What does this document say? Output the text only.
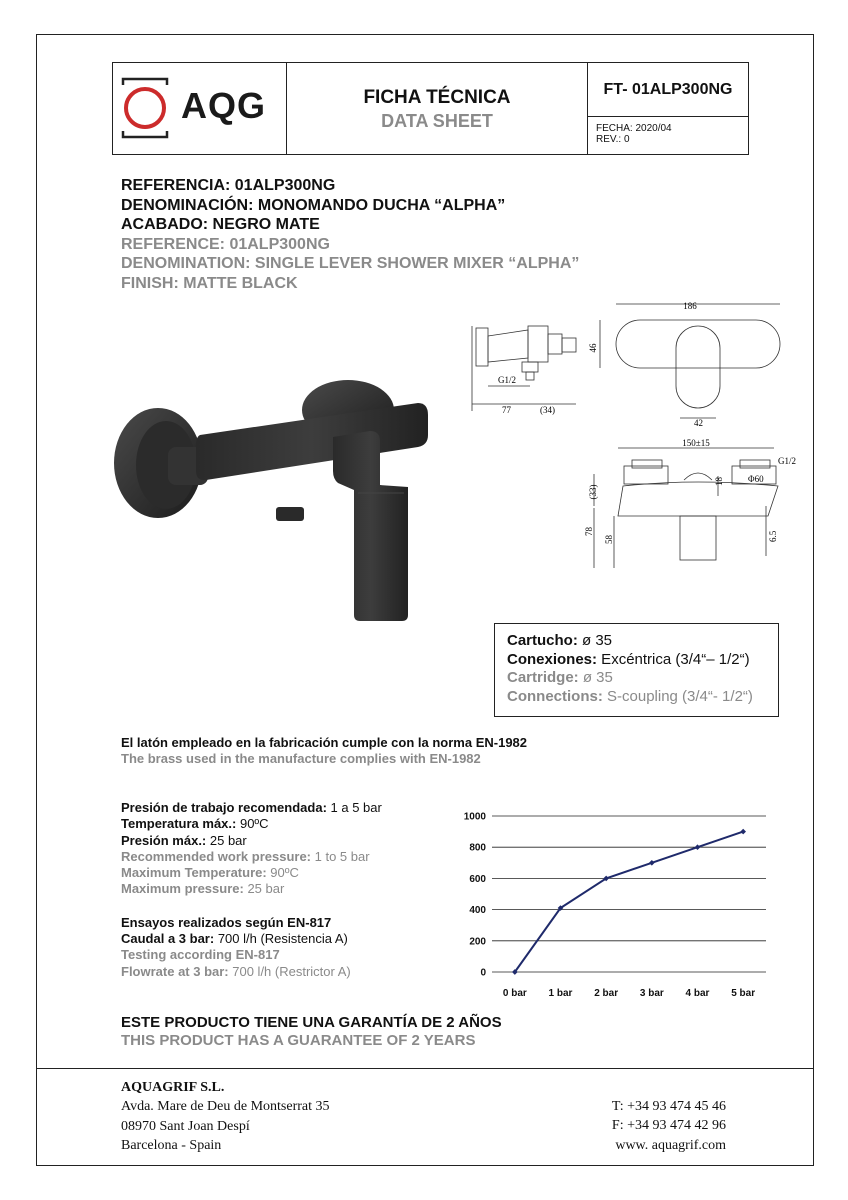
AQG	FICHA TÉCNICA
DATA SHEET
FT- 01ALP300NG
FECHA: 2020/04
REV.: 0
REFERENCIA: 01ALP300NG
DENOMINACIÓN: MONOMANDO DUCHA “ALPHA”
ACABADO: NEGRO MATE
REFERENCE: 01ALP300NG
DENOMINATION: SINGLE LEVER SHOWER MIXER “ALPHA”
FINISH: MATTE BLACK
186
46
G1/2
77	(34)
42
150±15
G1/2
(33)
Φ60
18
78
58	6.5
Cartucho: ø 35
Conexiones: Excéntrica (3/4“– 1/2“)
Cartridge: ø 35
Connections: S-coupling (3/4“- 1/2“)
El latón empleado en la fabricación cumple con la norma EN-1982
The brass used in the manufacture complies with EN-1982
Presión de trabajo recomendada: 1 a 5 bar
Temperatura máx.: 90ºC
Presión máx.: 25 bar
Recommended work pressure: 1 to 5 bar
Maximum Temperature: 90ºC
Maximum pressure: 25 bar
Ensayos realizados según EN-817
Caudal a 3 bar: 700 l/h (Resistencia A)
Testing according EN-817
Flowrate at 3 bar: 700 l/h (Restrictor A)	0
200
400
600
800
1000
0 bar 1 bar 2 bar 3 bar 4 bar 5 bar
ESTE PRODUCTO TIENE UNA GARANTÍA DE 2 AÑOS
THIS PRODUCT HAS A GUARANTEE OF 2 YEARS
AQUAGRIF S.L.
Avda. Mare de Deu de Montserrat 35
08970 Sant Joan Despí
Barcelona - Spain
T: +34 93 474 45 46
F: +34 93 474 42 96
www. aquagrif.com
